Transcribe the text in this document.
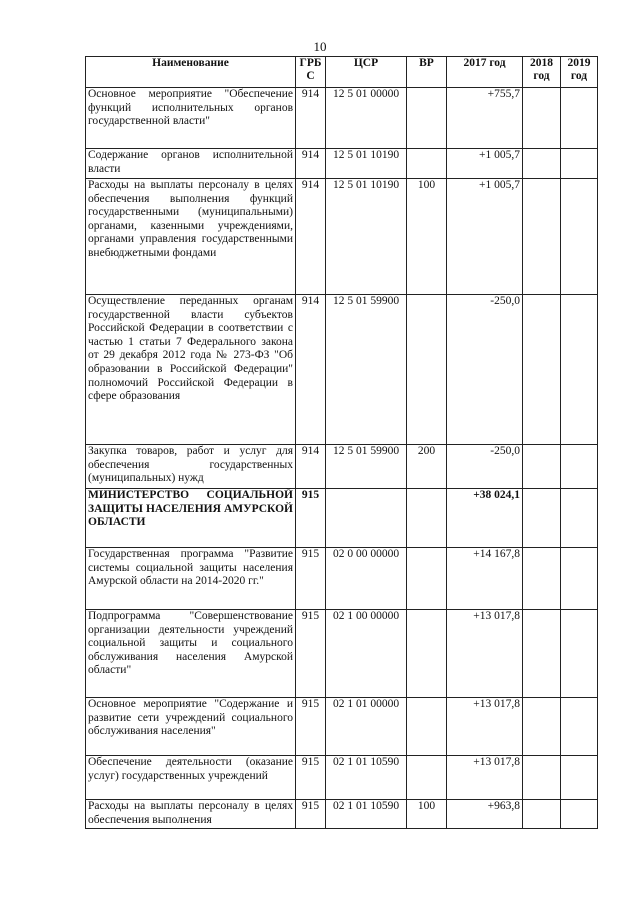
10
Наименование	ГРБ С	ЦСР	ВР	2017 год	2018 год	2019 год
Основное мероприятие "Обеспечение функций исполнительных органов государственной власти"	914	12 5 01 00000		+755,7		
Содержание органов исполнительной власти	914	12 5 01 10190		+1 005,7		
Расходы на выплаты персоналу в целях обеспечения выполнения функций государственными (муниципальными) органами, казенными учреждениями, органами управления государственными внебюджетными фондами	914	12 5 01 10190	100	+1 005,7		
Осуществление переданных органам государственной власти субъектов Российской Федерации в соответствии с частью 1 статьи 7 Федерального закона от 29 декабря 2012 года № 273-ФЗ "Об образовании в Российской Федерации" полномочий Российской Федерации в сфере образования	914	12 5 01 59900		-250,0		
Закупка товаров, работ и услуг для обеспечения государственных (муниципальных) нужд	914	12 5 01 59900	200	-250,0		
МИНИСТЕРСТВО СОЦИАЛЬНОЙ ЗАЩИТЫ НАСЕЛЕНИЯ АМУРСКОЙ ОБЛАСТИ	915			+38 024,1		
Государственная программа "Развитие системы социальной защиты населения Амурской области на 2014-2020 гг."	915	02 0 00 00000		+14 167,8		
Подпрограмма "Совершенствование организации деятельности учреждений социальной защиты и социального обслуживания населения Амурской области"	915	02 1 00 00000		+13 017,8		
Основное мероприятие "Содержание и развитие сети учреждений социального обслуживания населения"	915	02 1 01 00000		+13 017,8		
Обеспечение деятельности (оказание услуг) государственных учреждений	915	02 1 01 10590		+13 017,8		
Расходы на выплаты персоналу в целях обеспечения выполнения	915	02 1 01 10590	100	+963,8		
